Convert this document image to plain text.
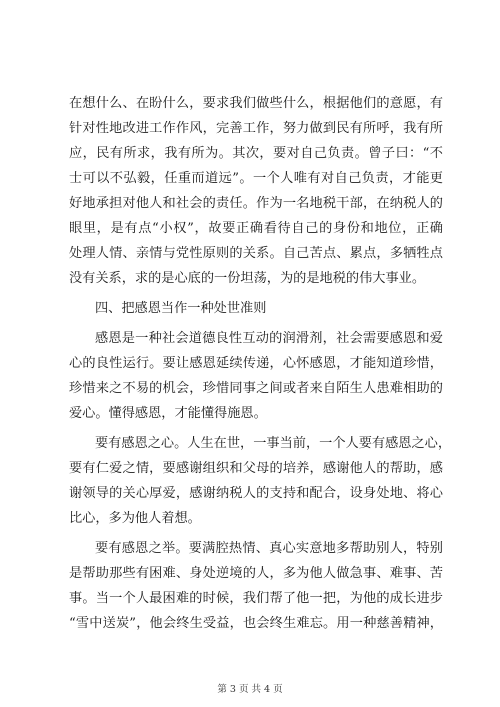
在想什么、在盼什么，要求我们做些什么，根据他们的意愿，有
针对性地改进工作作风，完善工作，努力做到民有所呼，我有所
应，民有所求，我有所为。其次，要对自己负责。曾子曰：“不
士可以不弘毅，任重而道远”。一个人唯有对自己负责，才能更
好地承担对他人和社会的责任。作为一名地税干部，在纳税人的
眼里，是有点“小权”，故要正确看待自己的身份和地位，正确
处理人情、亲情与党性原则的关系。自己苦点、累点，多牺牲点
没有关系，求的是心底的一份坦荡，为的是地税的伟大事业。
四、把感恩当作一种处世准则
感恩是一种社会道德良性互动的润滑剂，社会需要感恩和爱
心的良性运行。要让感恩延续传递，心怀感恩，才能知道珍惜，
珍惜来之不易的机会，珍惜同事之间或者来自陌生人患难相助的
爱心。懂得感恩，才能懂得施恩。
要有感恩之心。人生在世，一事当前，一个人要有感恩之心，
要有仁爱之情，要感谢组织和父母的培养，感谢他人的帮助，感
谢领导的关心厚爱，感谢纳税人的支持和配合，设身处地、将心
比心，多为他人着想。
要有感恩之举。要满腔热情、真心实意地多帮助别人，特别
是帮助那些有困难、身处逆境的人，多为他人做急事、难事、苦
事。当一个人最困难的时候，我们帮了他一把，为他的成长进步
“雪中送炭”，他会终生受益，也会终生难忘。用一种慈善精神，
第 3 页 共 4 页
